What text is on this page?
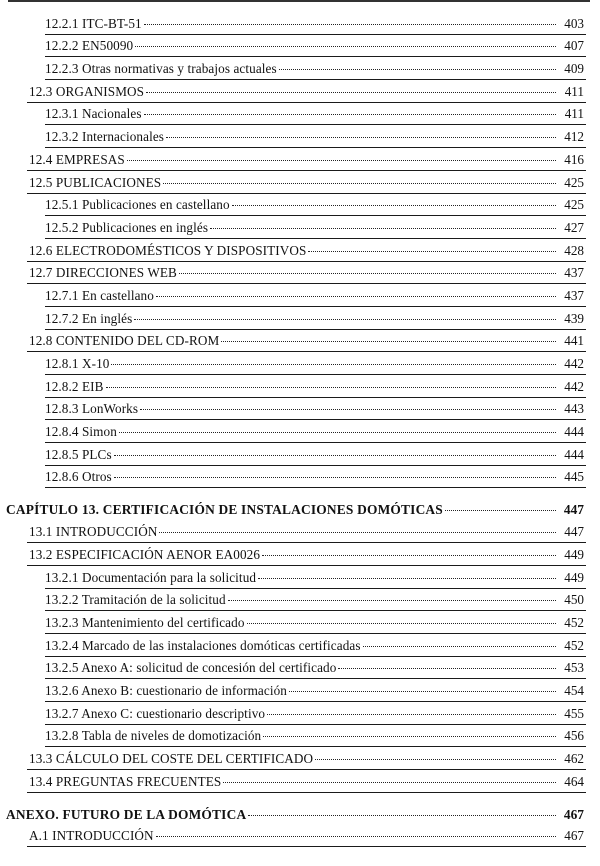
12.2.1 ITC-BT-51	403
12.2.2 EN50090	407
12.2.3 Otras normativas y trabajos actuales	409
12.3 ORGANISMOS	411
12.3.1 Nacionales	411
12.3.2 Internacionales	412
12.4 EMPRESAS	416
12.5 PUBLICACIONES	425
12.5.1 Publicaciones en castellano	425
12.5.2 Publicaciones en inglés	427
12.6 ELECTRODOMÉSTICOS Y DISPOSITIVOS	428
12.7 DIRECCIONES WEB	437
12.7.1 En castellano	437
12.7.2 En inglés	439
12.8 CONTENIDO DEL CD-ROM	441
12.8.1 X-10	442
12.8.2 EIB	442
12.8.3 LonWorks	443
12.8.4 Simon	444
12.8.5 PLCs	444
12.8.6 Otros	445
CAPÍTULO 13. CERTIFICACIÓN DE INSTALACIONES DOMÓTICAS	447
13.1 INTRODUCCIÓN	447
13.2 ESPECIFICACIÓN AENOR EA0026	449
13.2.1 Documentación para la solicitud	449
13.2.2 Tramitación de la solicitud	450
13.2.3 Mantenimiento del certificado	452
13.2.4 Marcado de las instalaciones domóticas certificadas	452
13.2.5 Anexo A: solicitud de concesión del certificado	453
13.2.6 Anexo B: cuestionario de información	454
13.2.7 Anexo C: cuestionario descriptivo	455
13.2.8 Tabla de niveles de domotización	456
13.3 CÁLCULO DEL COSTE DEL CERTIFICADO	462
13.4 PREGUNTAS FRECUENTES	464
ANEXO. FUTURO DE LA DOMÓTICA	467
A.1 INTRODUCCIÓN	467
